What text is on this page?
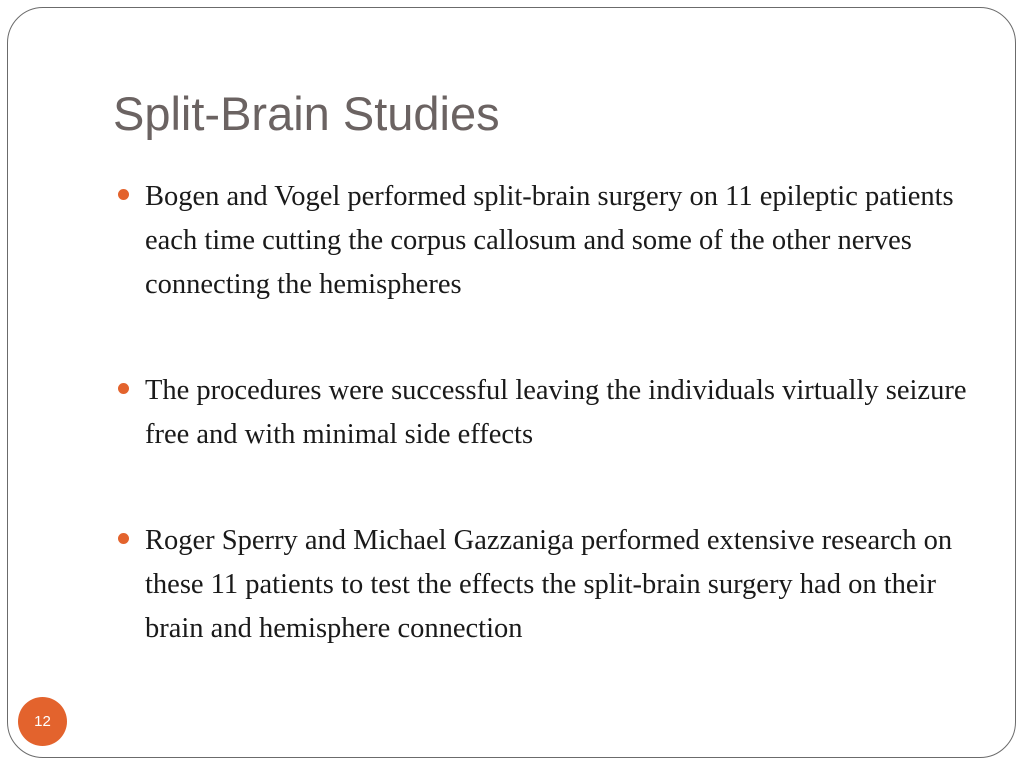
Split-Brain Studies
Bogen and Vogel performed split-brain surgery on 11 epileptic patients each time cutting the corpus callosum and some of the other nerves connecting the hemispheres
The procedures were successful leaving the individuals virtually seizure free and with minimal side effects
Roger Sperry and Michael Gazzaniga performed extensive research on these 11 patients to test the effects the split-brain surgery had on their brain and hemisphere connection
12
